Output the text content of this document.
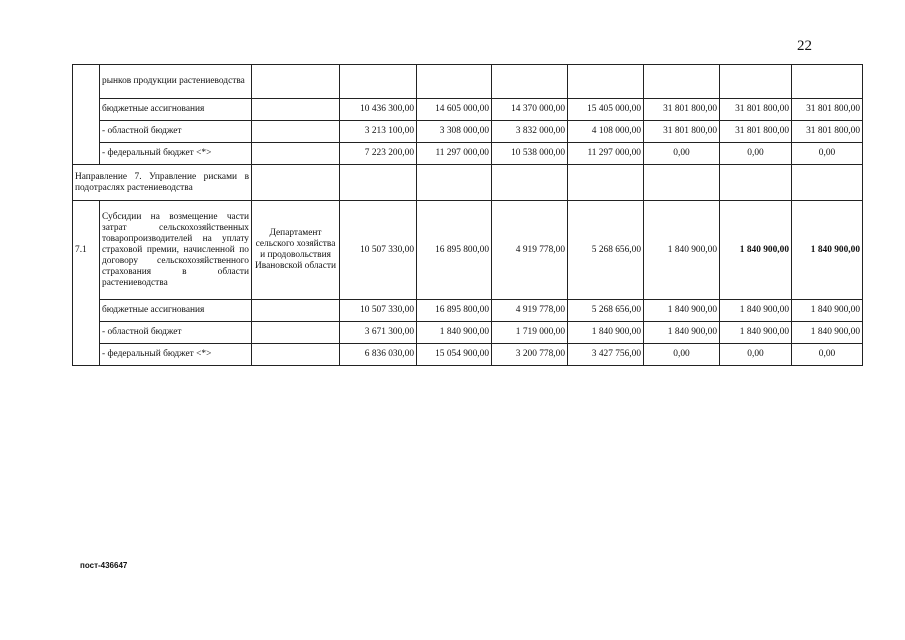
22
	рынков продукции растениеводства								
	бюджетные ассигнования		10 436 300,00	14 605 000,00	14 370 000,00	15 405 000,00	31 801 800,00	31 801 800,00	31 801 800,00
	- областной бюджет		3 213 100,00	3 308 000,00	3 832 000,00	4 108 000,00	31 801 800,00	31 801 800,00	31 801 800,00
	- федеральный бюджет <*>		7 223 200,00	11 297 000,00	10 538 000,00	11 297 000,00	0,00	0,00	0,00
Направление 7. Управление рисками в подотраслях растениеводства									
7.1	Субсидии на возмещение части затрат сельскохозяйственных товаропроизводителей на уплату страховой премии, начисленной по договору сельскохозяйственного страхования в области растениеводства	Департамент сельского хозяйства и продовольствия Ивановской области	10 507 330,00	16 895 800,00	4 919 778,00	5 268 656,00	1 840 900,00	1 840 900,00	1 840 900,00
	бюджетные ассигнования		10 507 330,00	16 895 800,00	4 919 778,00	5 268 656,00	1 840 900,00	1 840 900,00	1 840 900,00
	- областной бюджет		3 671 300,00	1 840 900,00	1 719 000,00	1 840 900,00	1 840 900,00	1 840 900,00	1 840 900,00
	- федеральный бюджет <*>		6 836 030,00	15 054 900,00	3 200 778,00	3 427 756,00	0,00	0,00	0,00
пост-436647
